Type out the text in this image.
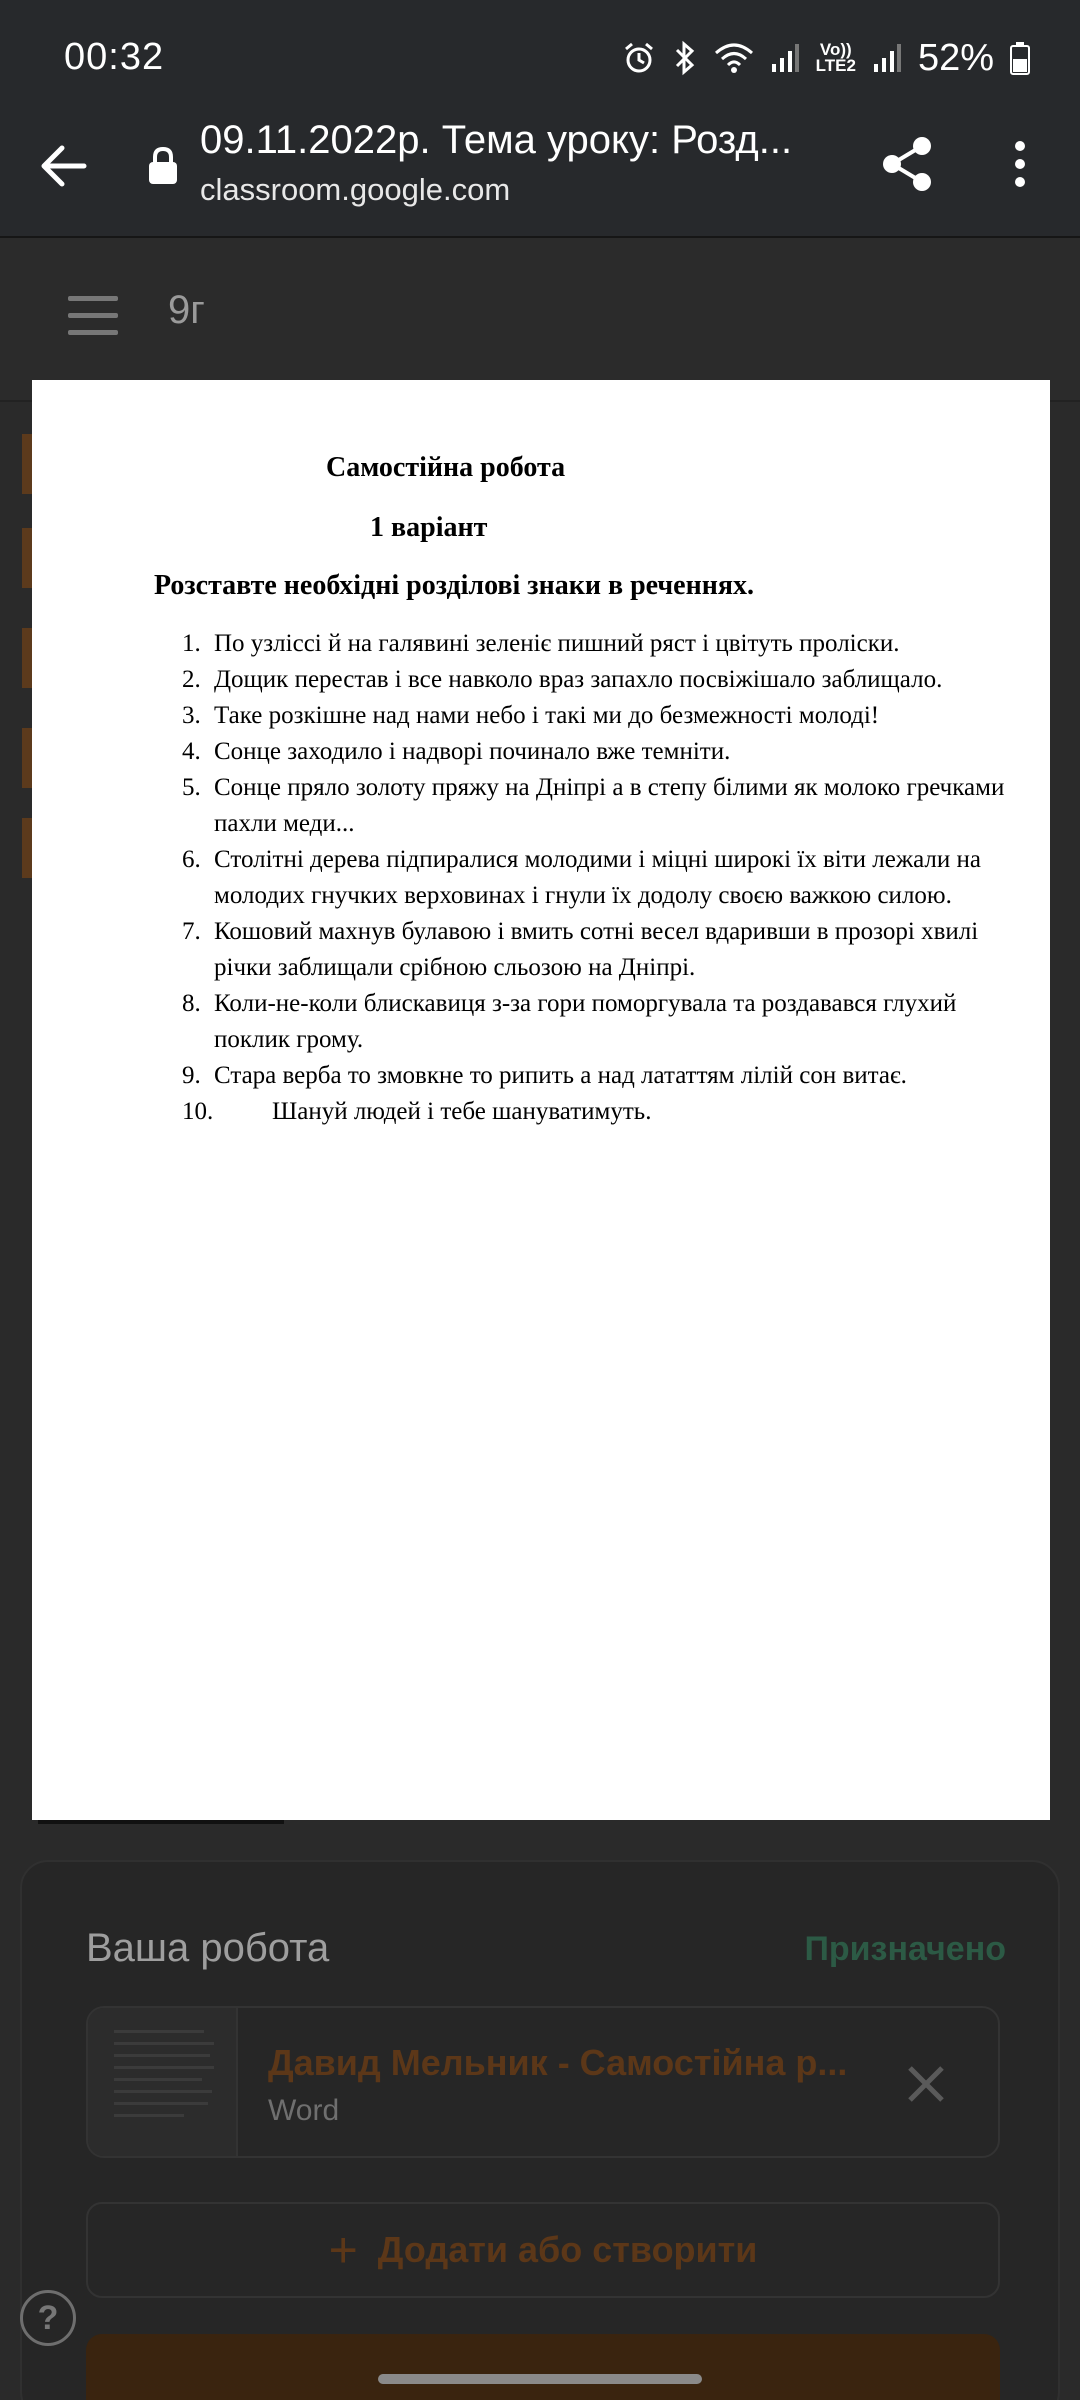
00:32	Vo))
LTE2 52%
09.11.2022р. Тема уроку: Розд...
classroom.google.com
9г
Ваша робота	Призначено
Давид Мельник - Самостійна р...
Word
+ Додати або створити
?
Самостійна робота
1 варіант
Розставте необхідні розділові знаки в реченнях.
1. По узліссі й на галявині зеленіє пишний ряст і цвітуть проліски.
2. Дощик перестав і все навколо враз запахло посвіжішало заблищало.
3. Таке розкішне над нами небо і такі ми до безмежності молоді!
4. Сонце заходило і надворі починало вже темніти.
5. Сонце пряло золоту пряжу на Дніпрі а в степу білими як молоко гречками пахли меди...
6. Столітні дерева підпиралися молодими і міцні широкі їх віти лежали на молодих гнучких верховинах і гнули їх додолу своєю важкою силою.
7. Кошовий махнув булавою і вмить сотні весел вдаривши в прозорі хвилі річки заблищали срібною сльозою на Дніпрі.
8. Коли-не-коли блискавиця з-за гори поморгувала та роздавався глухий поклик грому.
9. Стара верба то змовкне то рипить а над лататтям лілій сон витає.
10. Шануй людей і тебе шануватимуть.
